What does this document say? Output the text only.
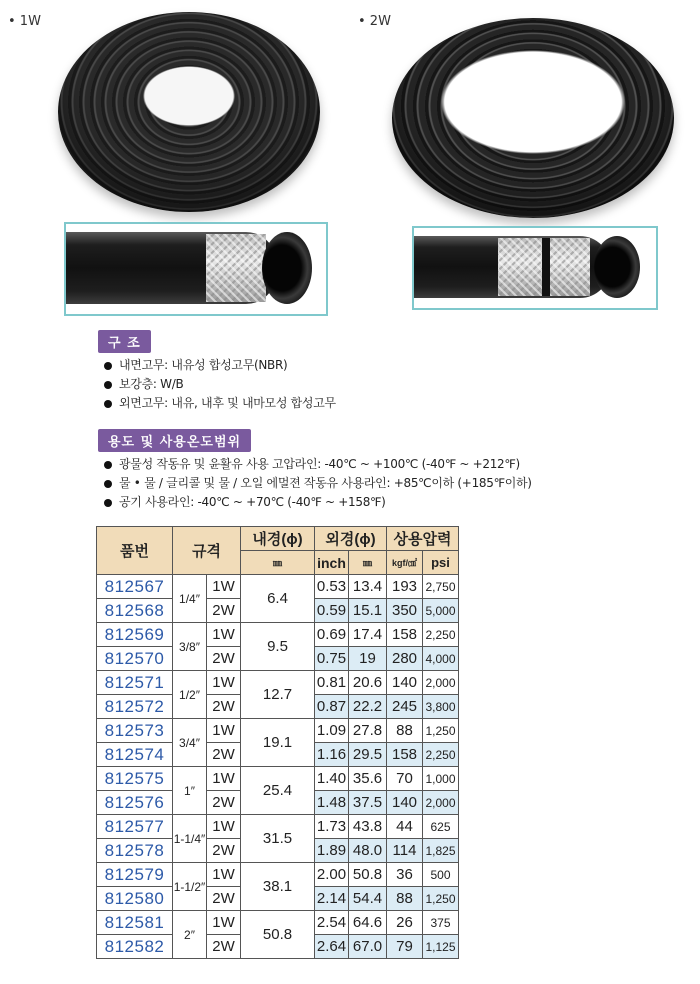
• 1W	• 2W
구 조
내면고무: 내유성 합성고무(NBR)
보강층: W/B
외면고무: 내유, 내후 및 내마모성 합성고무
용도 및 사용온도범위
광물성 작동유 및 윤활유 사용 고압라인: -40℃ ~ +100℃ (-40℉ ~ +212℉)
물 • 물 / 글리콜 및 물 / 오일 에멀젼 작동유 사용라인: +85℃이하 (+185℉이하)
공기 사용라인: -40℃ ~ +70℃ (-40℉ ~ +158℉)
품번	규격		내경(ϕ)	외경(ϕ)		상용압력	
			㎜	inch	㎜	kgf/㎠	psi
812567	1/4″	1W	6.4	0.53	13.4	193	2,750
812568		2W		0.59	15.1	350	5,000
812569	3/8″	1W	9.5	0.69	17.4	158	2,250
812570		2W		0.75	19	280	4,000
812571	1/2″	1W	12.7	0.81	20.6	140	2,000
812572		2W		0.87	22.2	245	3,800
812573	3/4″	1W	19.1	1.09	27.8	88	1,250
812574		2W		1.16	29.5	158	2,250
812575	1″	1W	25.4	1.40	35.6	70	1,000
812576		2W		1.48	37.5	140	2,000
812577	1-1/4″	1W	31.5	1.73	43.8	44	625
812578		2W		1.89	48.0	114	1,825
812579	1-1/2″	1W	38.1	2.00	50.8	36	500
812580		2W		2.14	54.4	88	1,250
812581	2″	1W	50.8	2.54	64.6	26	375
812582		2W		2.64	67.0	79	1,125
